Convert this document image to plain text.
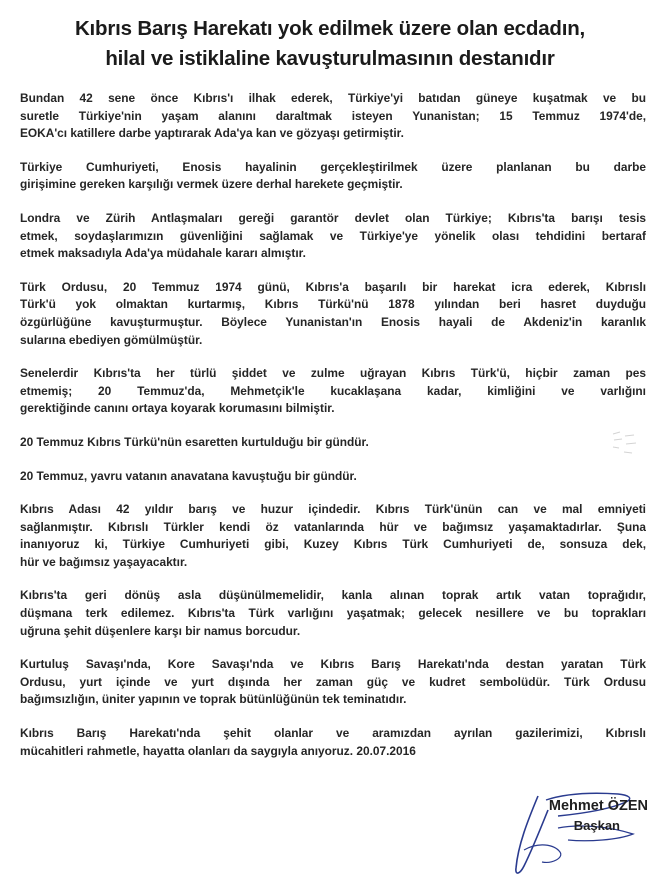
Kıbrıs Barış Harekatı yok edilmek üzere olan ecdadın,
hilal ve istiklaline kavuşturulmasının destanıdır
Bundan 42 sene önce Kıbrıs'ı ilhak ederek, Türkiye'yi batıdan güneye kuşatmak ve bu
suretle Türkiye'nin yaşam alanını daraltmak isteyen Yunanistan; 15 Temmuz 1974'de,
EOKA'cı katillere darbe yaptırarak Ada'ya kan ve gözyaşı getirmiştir.
Türkiye Cumhuriyeti, Enosis hayalinin gerçekleştirilmek üzere planlanan bu darbe
girişimine gereken karşılığı vermek üzere derhal harekete geçmiştir.
Londra ve Zürih Antlaşmaları gereği garantör devlet olan Türkiye; Kıbrıs'ta barışı tesis
etmek, soydaşlarımızın güvenliğini sağlamak ve Türkiye'ye yönelik olası tehdidini bertaraf
etmek maksadıyla Ada'ya müdahale kararı almıştır.
Türk Ordusu, 20 Temmuz 1974 günü, Kıbrıs'a başarılı bir harekat icra ederek, Kıbrıslı
Türk'ü yok olmaktan kurtarmış, Kıbrıs Türkü'nü 1878 yılından beri hasret duyduğu
özgürlüğüne kavuşturmuştur. Böylece Yunanistan'ın Enosis hayali de Akdeniz'in karanlık
sularına ebediyen gömülmüştür.
Senelerdir Kıbrıs'ta her türlü şiddet ve zulme uğrayan Kıbrıs Türk'ü, hiçbir zaman pes
etmemiş; 20 Temmuz'da, Mehmetçik'le kucaklaşana kadar, kimliğini ve varlığını
gerektiğinde canını ortaya koyarak korumasını bilmiştir.
20 Temmuz Kıbrıs Türkü'nün esaretten kurtulduğu bir gündür.
20 Temmuz, yavru vatanın anavatana kavuştuğu bir gündür.
Kıbrıs Adası 42 yıldır barış ve huzur içindedir. Kıbrıs Türk'ünün can ve mal emniyeti
sağlanmıştır. Kıbrıslı Türkler kendi öz vatanlarında hür ve bağımsız yaşamaktadırlar. Şuna
inanıyoruz ki, Türkiye Cumhuriyeti gibi, Kuzey Kıbrıs Türk Cumhuriyeti de, sonsuza dek,
hür ve bağımsız yaşayacaktır.
Kıbrıs'ta geri dönüş asla düşünülmemelidir, kanla alınan toprak artık vatan toprağıdır,
düşmana terk edilemez. Kıbrıs'ta Türk varlığını yaşatmak; gelecek nesillere ve bu toprakları
uğruna şehit düşenlere karşı bir namus borcudur.
Kurtuluş Savaşı'nda, Kore Savaşı'nda ve Kıbrıs Barış Harekatı'nda destan yaratan Türk
Ordusu, yurt içinde ve yurt dışında her zaman güç ve kudret sembolüdür. Türk Ordusu
bağımsızlığın, üniter yapının ve toprak bütünlüğünün tek teminatıdır.
Kıbrıs Barış Harekatı'nda şehit olanlar ve aramızdan ayrılan gazilerimizi, Kıbrıslı
mücahitleri rahmetle, hayatta olanları da saygıyla anıyoruz. 20.07.2016
Mehmet ÖZEN
Başkan
